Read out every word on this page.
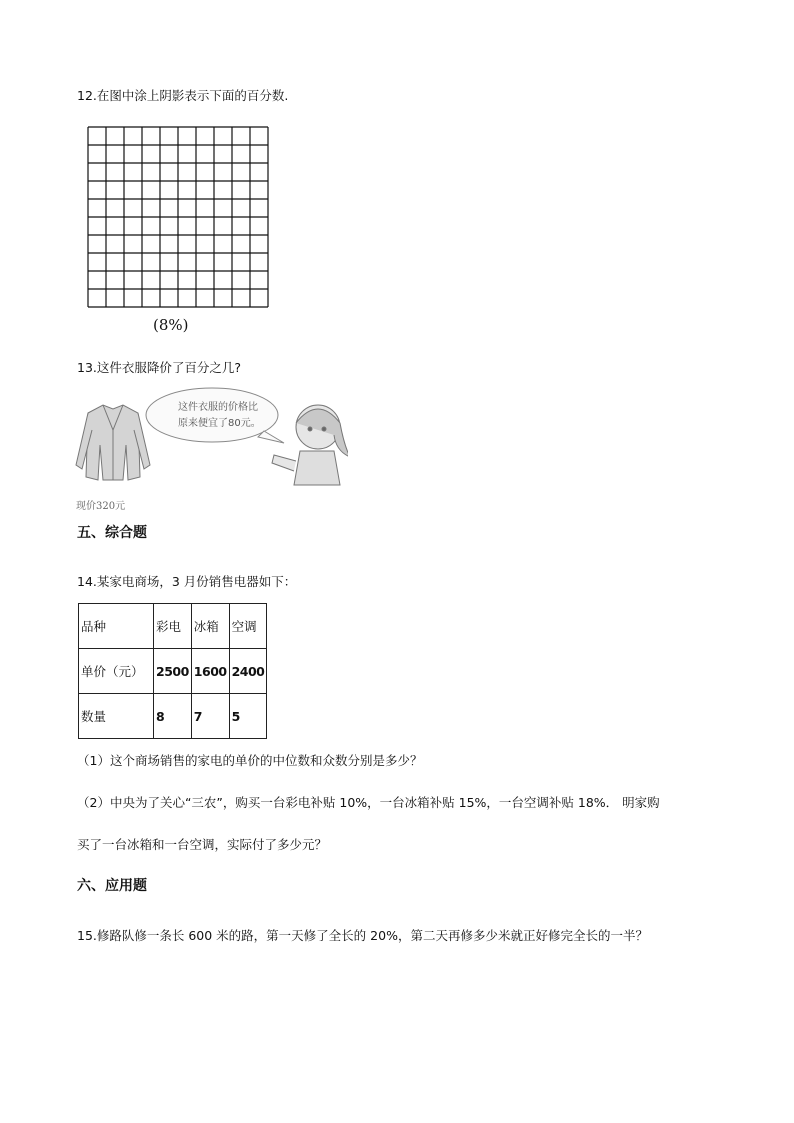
12.在图中涂上阴影表示下面的百分数.
(8%)
13.这件衣服降价了百分之几?
这件衣服的价格比
原来便宜了80元。
现价320元
五、综合题
14.某家电商场，3 月份销售电器如下：
品种	彩电	冰箱	空调
单价（元）	2500	1600	2400
数量	8	7	5
（1）这个商场销售的家电的单价的中位数和众数分别是多少？
（2）中央为了关心“三农”，购买一台彩电补贴 10%，一台冰箱补贴 15%，一台空调补贴 18%． 明家购
买了一台冰箱和一台空调，实际付了多少元？
六、应用题
15.修路队修一条长 600 米的路，第一天修了全长的 20%，第二天再修多少米就正好修完全长的一半？
